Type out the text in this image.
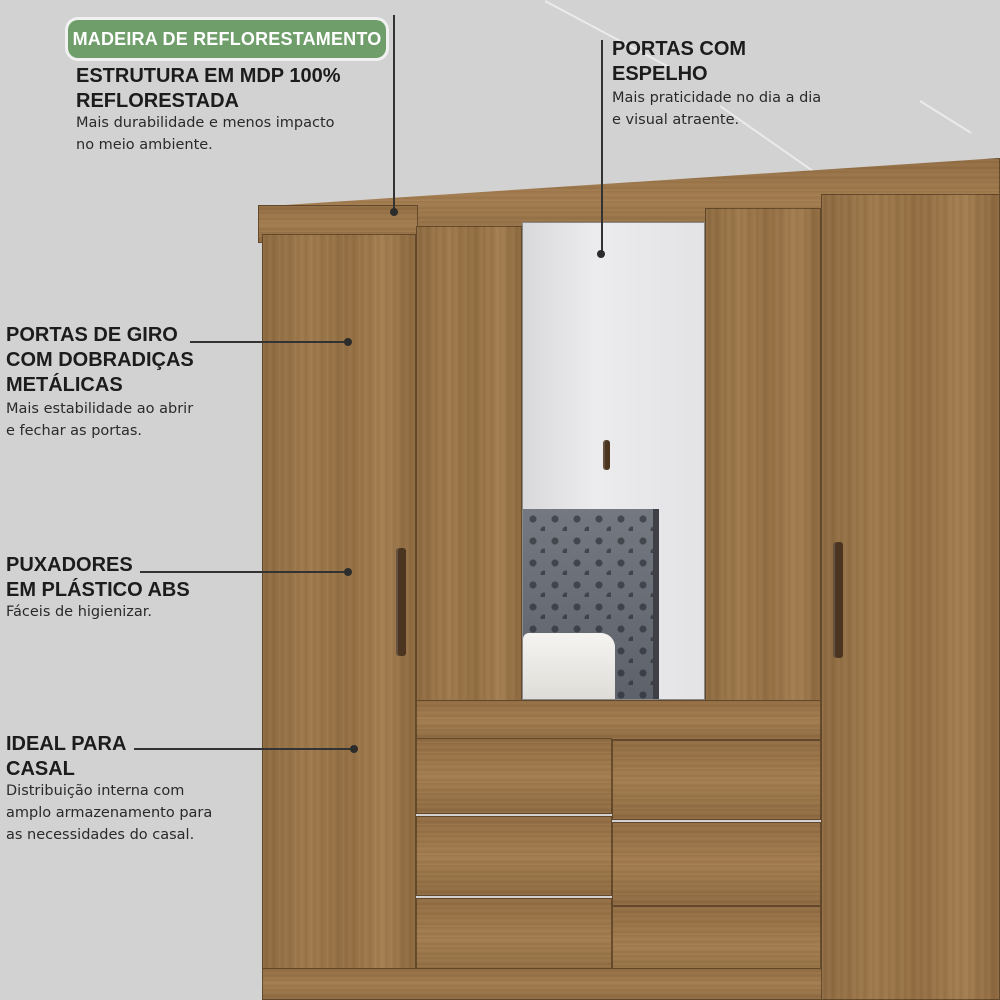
MADEIRA DE REFLORESTAMENTO
ESTRUTURA EM MDP 100%
REFLORESTADA

Mais durabilidade e menos impacto
no meio ambiente.

PORTAS COM
ESPELHO

Mais praticidade no dia a dia
e visual atraente.

PORTAS DE GIRO
COM DOBRADIÇAS
METÁLICAS

Mais estabilidade ao abrir
e fechar as portas.

PUXADORES
EM PLÁSTICO ABS

Fáceis de higienizar.

IDEAL PARA
CASAL

Distribuição interna com
amplo armazenamento para
as necessidades do casal.
